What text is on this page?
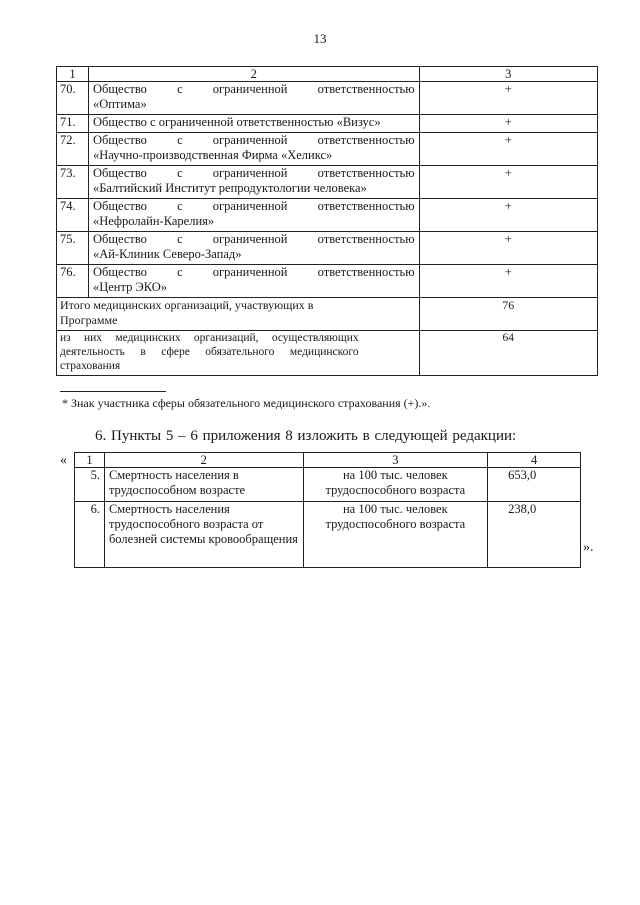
13
1	2	3
70.	Общество с ограниченной ответственностью
«Оптима»	+
71.	Общество с ограниченной ответственностью «Визус»	+
72.	Общество с ограниченной ответственностью
«Научно-производственная Фирма «Хеликс»	+
73.	Общество с ограниченной ответственностью
«Балтийский Институт репродуктологии человека»	+
74.	Общество с ограниченной ответственностью
«Нефролайн-Карелия»	+
75.	Общество с ограниченной ответственностью
«Ай-Клиник Северо-Запад»	+
76.	Общество с ограниченной ответственностью
«Центр ЭКО»	+
Итого медицинских организаций, участвующих в Программе		76
из них медицинских организаций, осуществляющих деятельность в сфере обязательного медицинского страхования		64
* Знак участника сферы обязательного медицинского страхования (+).».
6. Пункты 5 – 6 приложения 8 изложить в следующей редакции:
« 1	2	3	4
5.	Смертность населения в трудоспособном возрасте	на 100 тыс. человек трудоспособного возраста	653,0
6.	Смертность населения трудоспособного возраста от болезней системы кровообращения	на 100 тыс. человек трудоспособного возраста	238,0
».
